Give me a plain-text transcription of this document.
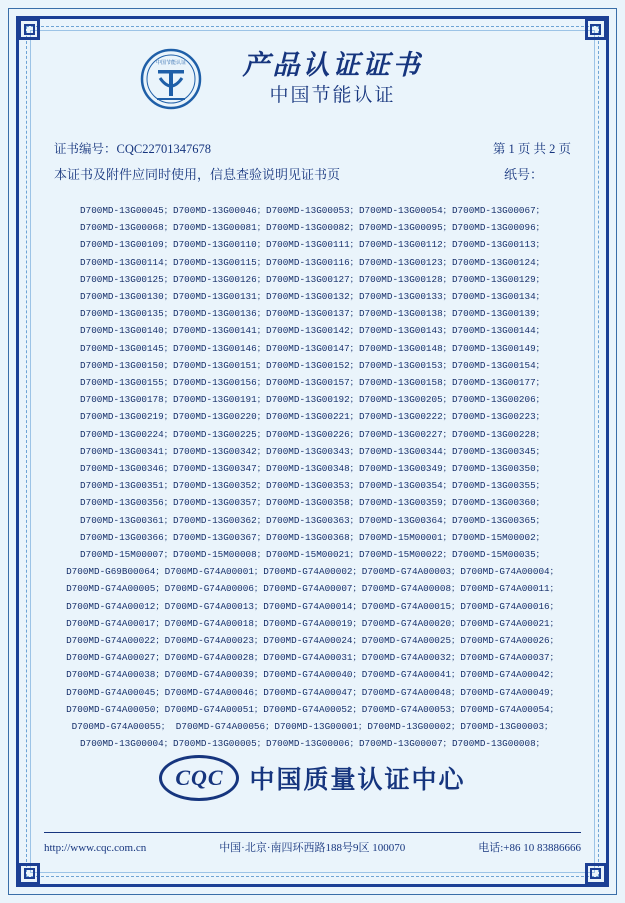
中国节能认证	产品认证证书
中国节能认证
证书编号：CQC22701347678	第 1 页 共 2 页
本证书及附件应同时使用，信息查验说明见证书页	纸号：
D700MD-13G00045；D700MD-13G00046；D700MD-13G00053；D700MD-13G00054；D700MD-13G00067；
D700MD-13G00068；D700MD-13G00081；D700MD-13G00082；D700MD-13G00095；D700MD-13G00096；
D700MD-13G00109；D700MD-13G00110；D700MD-13G00111；D700MD-13G00112；D700MD-13G00113；
D700MD-13G00114；D700MD-13G00115；D700MD-13G00116；D700MD-13G00123；D700MD-13G00124；
D700MD-13G00125；D700MD-13G00126；D700MD-13G00127；D700MD-13G00128；D700MD-13G00129；
D700MD-13G00130；D700MD-13G00131；D700MD-13G00132；D700MD-13G00133；D700MD-13G00134；
D700MD-13G00135；D700MD-13G00136；D700MD-13G00137；D700MD-13G00138；D700MD-13G00139；
D700MD-13G00140；D700MD-13G00141；D700MD-13G00142；D700MD-13G00143；D700MD-13G00144；
D700MD-13G00145；D700MD-13G00146；D700MD-13G00147；D700MD-13G00148；D700MD-13G00149；
D700MD-13G00150；D700MD-13G00151；D700MD-13G00152；D700MD-13G00153；D700MD-13G00154；
D700MD-13G00155；D700MD-13G00156；D700MD-13G00157；D700MD-13G00158；D700MD-13G00177；
D700MD-13G00178；D700MD-13G00191；D700MD-13G00192；D700MD-13G00205；D700MD-13G00206；
D700MD-13G00219；D700MD-13G00220；D700MD-13G00221；D700MD-13G00222；D700MD-13G00223；
D700MD-13G00224；D700MD-13G00225；D700MD-13G00226；D700MD-13G00227；D700MD-13G00228；
D700MD-13G00341；D700MD-13G00342；D700MD-13G00343；D700MD-13G00344；D700MD-13G00345；
D700MD-13G00346；D700MD-13G00347；D700MD-13G00348；D700MD-13G00349；D700MD-13G00350；
D700MD-13G00351；D700MD-13G00352；D700MD-13G00353；D700MD-13G00354；D700MD-13G00355；
D700MD-13G00356；D700MD-13G00357；D700MD-13G00358；D700MD-13G00359；D700MD-13G00360；
D700MD-13G00361；D700MD-13G00362；D700MD-13G00363；D700MD-13G00364；D700MD-13G00365；
D700MD-13G00366；D700MD-13G00367；D700MD-13G00368；D700MD-15M00001；D700MD-15M00002；
D700MD-15M00007；D700MD-15M00008；D700MD-15M00021；D700MD-15M00022；D700MD-15M00035；
D700MD-G69B00064；D700MD-G74A00001；D700MD-G74A00002；D700MD-G74A00003；D700MD-G74A00004；
D700MD-G74A00005；D700MD-G74A00006；D700MD-G74A00007；D700MD-G74A00008；D700MD-G74A00011；
D700MD-G74A00012；D700MD-G74A00013；D700MD-G74A00014；D700MD-G74A00015；D700MD-G74A00016；
D700MD-G74A00017；D700MD-G74A00018；D700MD-G74A00019；D700MD-G74A00020；D700MD-G74A00021；
D700MD-G74A00022；D700MD-G74A00023；D700MD-G74A00024；D700MD-G74A00025；D700MD-G74A00026；
D700MD-G74A00027；D700MD-G74A00028；D700MD-G74A00031；D700MD-G74A00032；D700MD-G74A00037；
D700MD-G74A00038；D700MD-G74A00039；D700MD-G74A00040；D700MD-G74A00041；D700MD-G74A00042；
D700MD-G74A00045；D700MD-G74A00046；D700MD-G74A00047；D700MD-G74A00048；D700MD-G74A00049；
D700MD-G74A00050；D700MD-G74A00051；D700MD-G74A00052；D700MD-G74A00053；D700MD-G74A00054；
D700MD-G74A00055； D700MD-G74A00056；D700MD-13G00001；D700MD-13G00002；D700MD-13G00003；
D700MD-13G00004；D700MD-13G00005；D700MD-13G00006；D700MD-13G00007；D700MD-13G00008；
CQC 中国质量认证中心
http://www.cqc.com.cn	中国·北京·南四环西路188号9区 100070	电话:+86 10 83886666
